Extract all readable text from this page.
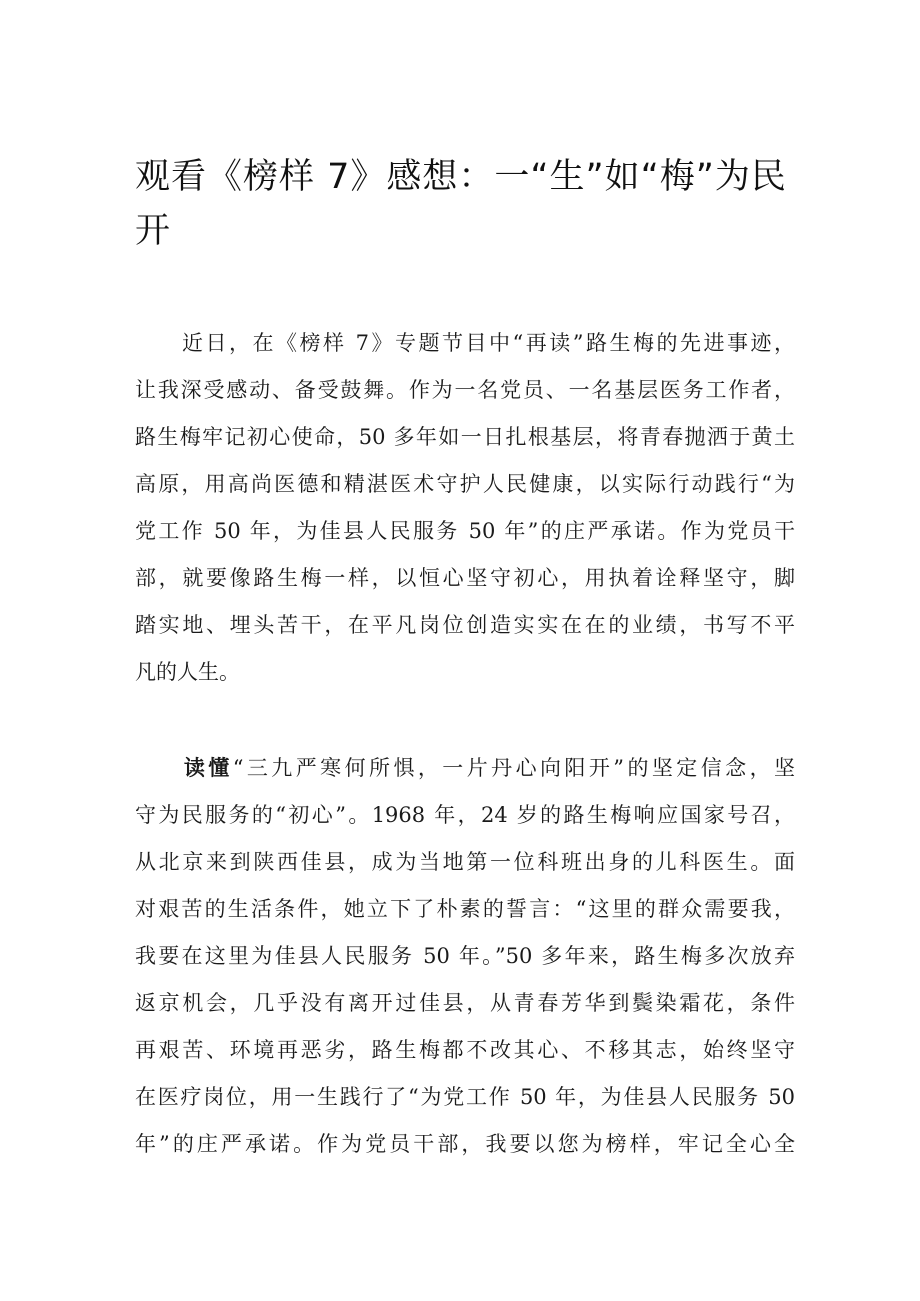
观看《榜样 7》感想：一“生”如“梅”为民
开
　　近日，在《榜样 7》专题节目中“再读”路生梅的先进事迹，
让我深受感动、备受鼓舞。作为一名党员、一名基层医务工作者，
路生梅牢记初心使命，50 多年如一日扎根基层，将青春抛洒于黄土
高原，用高尚医德和精湛医术守护人民健康，以实际行动践行“为
党工作 50 年，为佳县人民服务 50 年”的庄严承诺。作为党员干
部，就要像路生梅一样，以恒心坚守初心，用执着诠释坚守，脚
踏实地、埋头苦干，在平凡岗位创造实实在在的业绩，书写不平
凡的人生。
　　读懂“三九严寒何所惧，一片丹心向阳开”的坚定信念，坚
守为民服务的“初心”。1968 年，24 岁的路生梅响应国家号召，
从北京来到陕西佳县，成为当地第一位科班出身的儿科医生。面
对艰苦的生活条件，她立下了朴素的誓言：“这里的群众需要我，
我要在这里为佳县人民服务 50 年。”50 多年来，路生梅多次放弃
返京机会，几乎没有离开过佳县，从青春芳华到鬓染霜花，条件
再艰苦、环境再恶劣，路生梅都不改其心、不移其志，始终坚守
在医疗岗位，用一生践行了“为党工作 50 年，为佳县人民服务 50
年”的庄严承诺。作为党员干部，我要以您为榜样，牢记全心全
